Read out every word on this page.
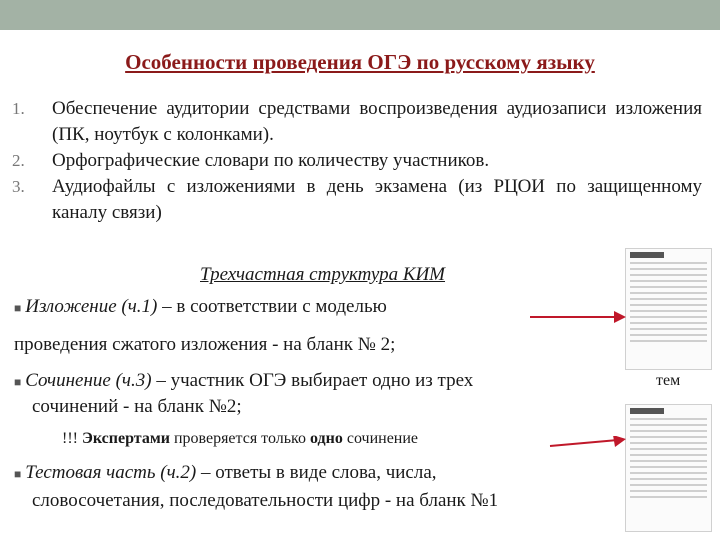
Особенности проведения ОГЭ по русскому языку
1.	Обеспечение аудитории средствами воспроизведения аудиозаписи изложения (ПК, ноутбук с колонками).
2.	Орфографические словари по количеству участников.
3.	Аудиофайлы с изложениями в день экзамена (из РЦОИ по защищенному каналу связи)
Трехчастная структура КИМ
■ Изложение (ч.1) – в соответствии с моделью
проведения сжатого изложения - на бланк № 2;
■ Сочинение (ч.3) – участник ОГЭ выбирает одно из трех
сочинений - на бланк №2;
тем
!!! Экспертами проверяется только одно сочинение
■ Тестовая часть (ч.2) – ответы в виде слова, числа,
словосочетания, последовательности цифр - на бланк №1
